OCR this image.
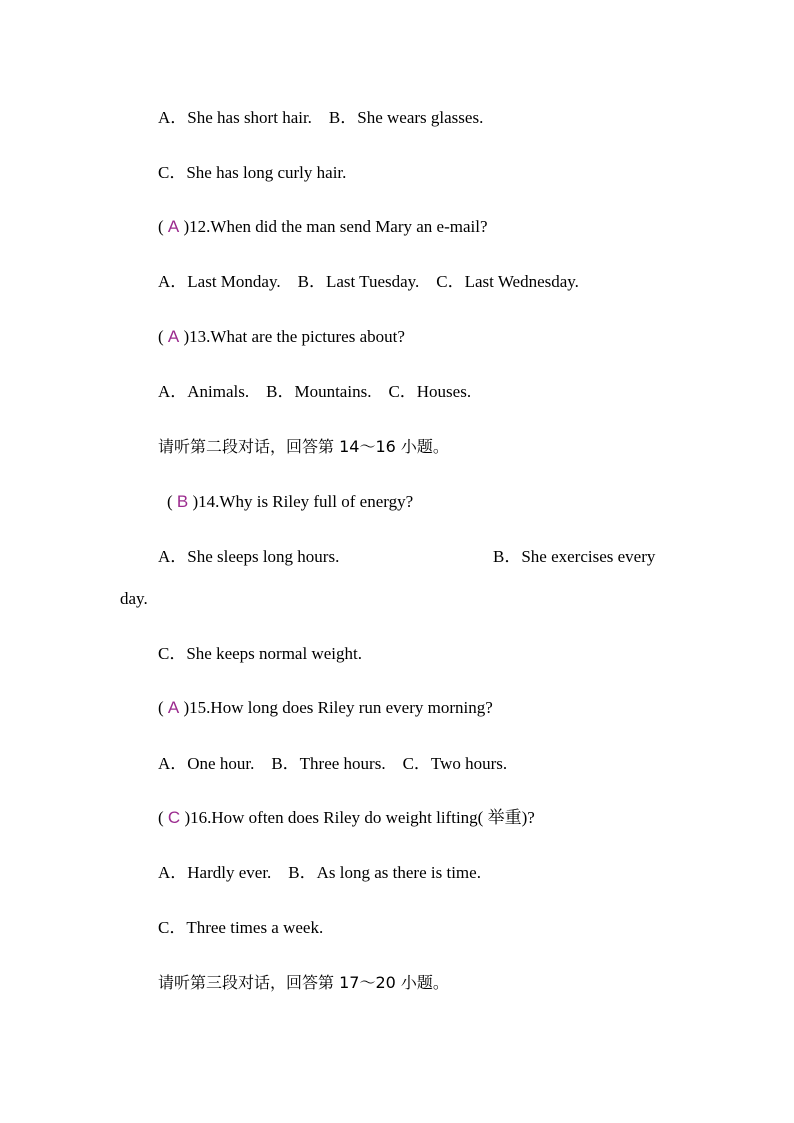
A．She has short hair.    B．She wears glasses.
C．She has long curly hair.
( A )12.When did the man send Mary an e-mail?
A．Last Monday.    B．Last Tuesday.    C．Last Wednesday.
( A )13.What are the pictures about?
A．Animals.    B．Mountains.    C．Houses.
请听第二段对话，回答第 14～16 小题。
( B )14.Why is Riley full of energy?
A．She sleeps long hours.	B．She exercises every
day.
C．She keeps normal weight.
( A )15.How long does Riley run every morning?
A．One hour.    B．Three hours.    C．Two hours.
( C )16.How often does Riley do weight lifting( 举重)?
A．Hardly ever.    B．As long as there is time.
C．Three times a week.
请听第三段对话，回答第 17～20 小题。
